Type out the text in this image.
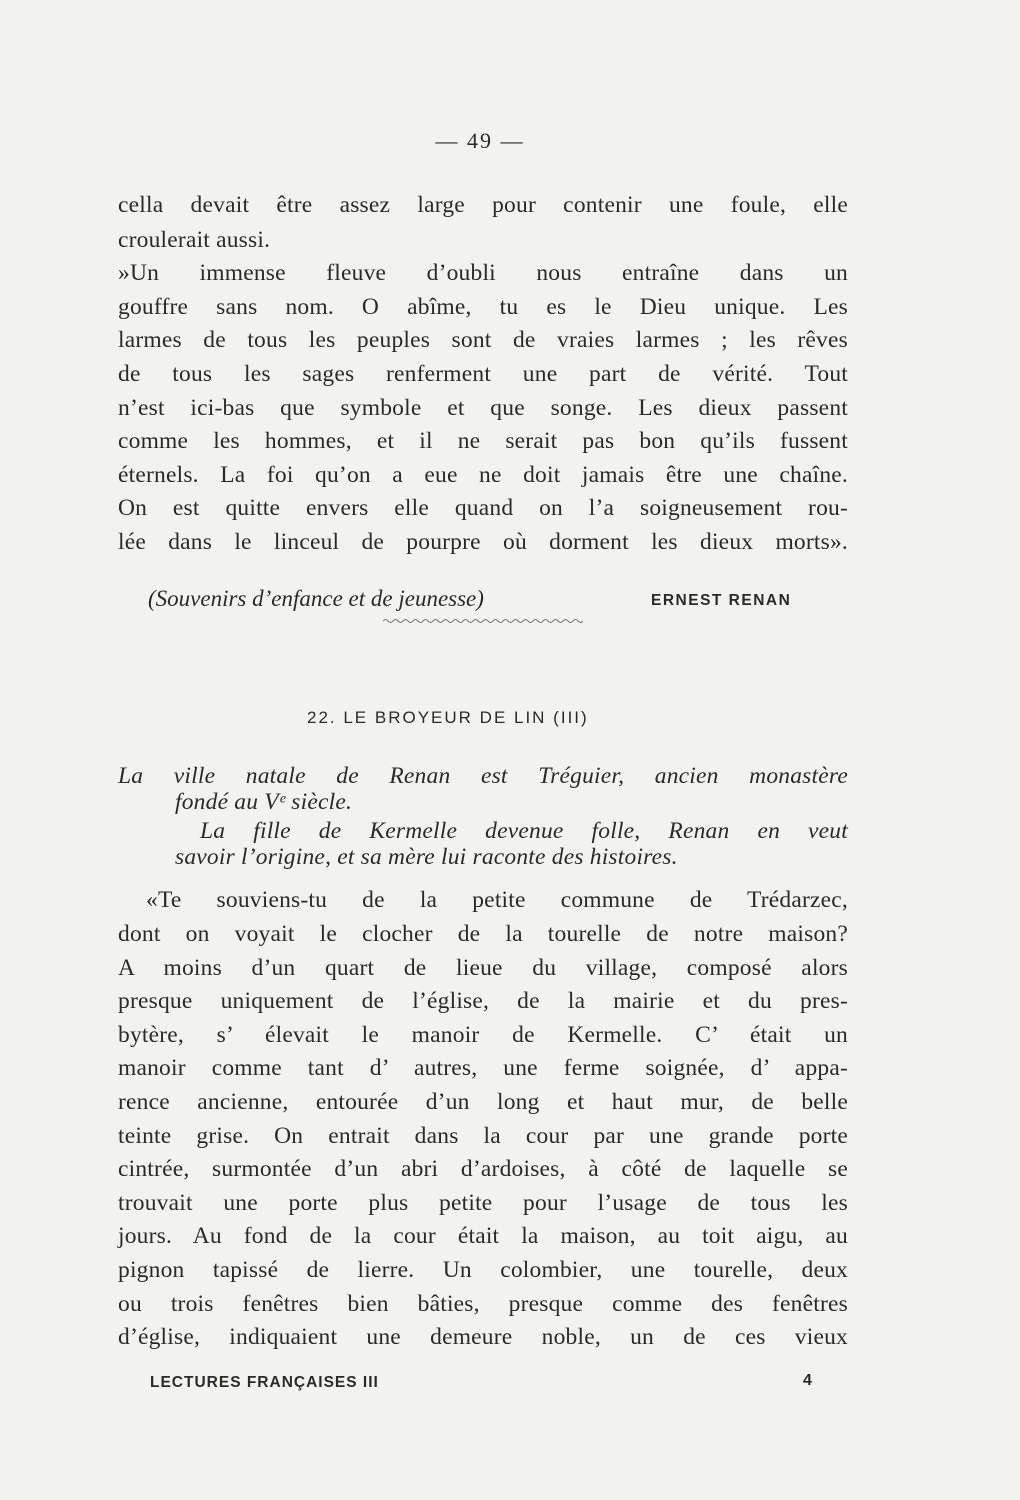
— 49 —
cella devait être assez large pour contenir une foule, elle
croulerait aussi.
»Un immense fleuve d’oubli nous entraîne dans un
gouffre sans nom. O abîme, tu es le Dieu unique. Les
larmes de tous les peuples sont de vraies larmes ; les rêves
de tous les sages renferment une part de vérité. Tout
n’est ici-bas que symbole et que songe. Les dieux passent
comme les hommes, et il ne serait pas bon qu’ils fussent
éternels. La foi qu’on a eue ne doit jamais être une chaîne.
On est quitte envers elle quand on l’a soigneusement rou-
lée dans le linceul de pourpre où dorment les dieux morts».
(Souvenirs d’enfance et de jeunesse)	ERNEST RENAN
22. LE BROYEUR DE LIN (III)
La ville natale de Renan est Tréguier, ancien monastère
fondé au Vᵉ siècle.
La fille de Kermelle devenue folle, Renan en veut
savoir l’origine, et sa mère lui raconte des histoires.
«Te souviens-tu de la petite commune de Trédarzec,
dont on voyait le clocher de la tourelle de notre maison?
A moins d’un quart de lieue du village, composé alors
presque uniquement de l’église, de la mairie et du pres-
bytère, s’ élevait le manoir de Kermelle. C’ était un
manoir comme tant d’ autres, une ferme soignée, d’ appa-
rence ancienne, entourée d’un long et haut mur, de belle
teinte grise. On entrait dans la cour par une grande porte
cintrée, surmontée d’un abri d’ardoises, à côté de laquelle se
trouvait une porte plus petite pour l’usage de tous les
jours. Au fond de la cour était la maison, au toit aigu, au
pignon tapissé de lierre. Un colombier, une tourelle, deux
ou trois fenêtres bien bâties, presque comme des fenêtres
d’église, indiquaient une demeure noble, un de ces vieux
LECTURES FRANÇAISES III	4
